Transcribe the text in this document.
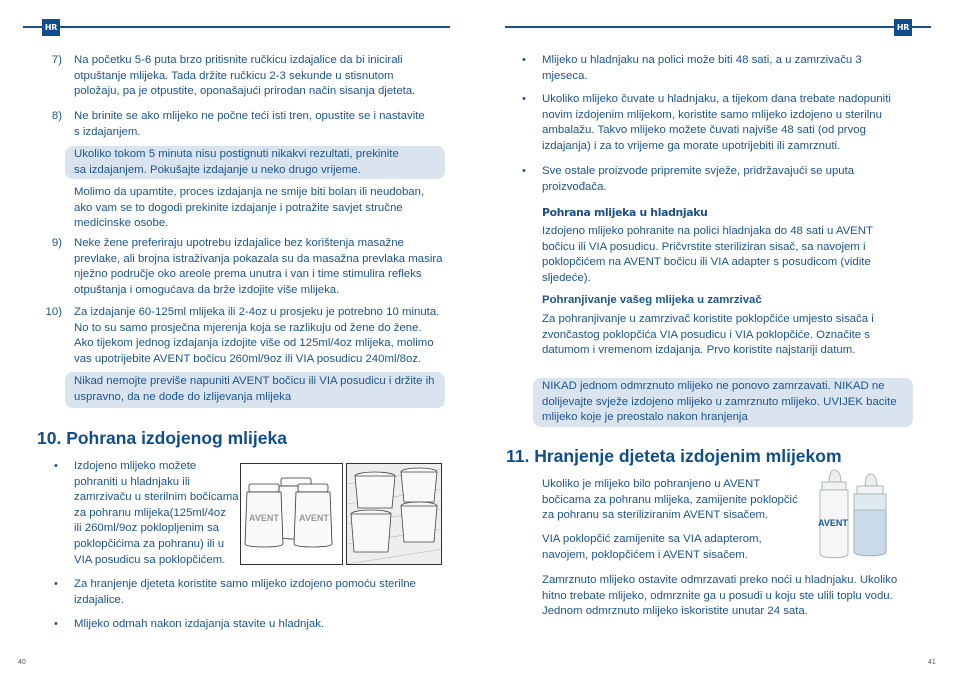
HR
7) Na početku 5-6 puta brzo pritisnite ručkicu izdajalice da bi inicirali
otpuštanje mlijeka. Tada držite ručkicu 2-3 sekunde u stisnutom
položaju, pa je otpustite, oponašajući prirodan način sisanja djeteta.
8) Ne brinite se ako mlijeko ne počne teći isti tren, opustite se i nastavite
s izdajanjem.
Ukoliko tokom 5 minuta nisu postignuti nikakvi rezultati, prekinite
sa izdajanjem. Pokušajte izdajanje u neko drugo vrijeme.
Molimo da upamtite, proces izdajanja ne smije biti bolan ili neudoban,
ako vam se to dogodi prekinite izdajanje i potražite savjet stručne
medicinske osobe.
9) Neke žene preferiraju upotrebu izdajalice bez korištenja masažne
prevlake, ali brojna istraživanja pokazala su da masažna prevlaka masira
nježno područje oko areole prema unutra i van i time stimulira refleks
otpuštanja i omogućava da brže izdojite više mlijeka.
10) Za izdajanje 60-125ml mlijeka ili 2-4oz u prosjeku je potrebno 10 minuta.
No to su samo prosječna mjerenja koja se razlikuju od žene do žene.
Ako tijekom jednog izdajanja izdojite više od 125ml/4oz mlijeka, molimo
vas upotrijebite AVENT bočicu 260ml/9oz ili VIA posudicu 240ml/8oz.
Nikad nemojte previše napuniti AVENT bočicu ili VIA posudicu i držite ih
uspravno, da ne dođe do izlijevanja mlijeka
10. Pohrana izdojenog mlijeka
• Izdojeno mlijeko možete
pohraniti u hladnjaku ili
zamrzivaču u sterilnim bočicama
za pohranu mlijeka(125ml/4oz
ili 260ml/9oz poklopljenim sa
poklopčićima za pohranu) ili u
VIA posudicu sa poklopčićem.
AVENT AVENT
• Za hranjenje djeteta koristite samo mlijeko izdojeno pomoću sterilne
izdajalice.
• Mlijeko odmah nakon izdajanja stavite u hladnjak.
40
HR
• Mlijeko u hladnjaku na polici može biti 48 sati, a u zamrzivaču 3
mjeseca.
• Ukoliko mlijeko čuvate u hladnjaku, a tijekom dana trebate nadopuniti
novim izdojenim mlijekom, koristite samo mlijeko izdojeno u sterilnu
ambalažu. Takvo mlijeko možete čuvati najviše 48 sati (od prvog
izdajanja) i za to vrijeme ga morate upotrijebiti ili zamrznuti.
• Sve ostale proizvode pripremite svježe, pridržavajući se uputa
proizvođača.
Pohrana mlijeka u hladnjaku
Izdojeno mlijeko pohranite na polici hladnjaka do 48 sati u AVENT
bočicu ili VIA posudicu. Pričvrstite steriliziran sisač, sa navojem i
poklopčićem na AVENT bočicu ili VIA adapter s posudicom (vidite
sljedeće).
Pohranjivanje vašeg mlijeka u zamrzivač
Za pohranjivanje u zamrzivač koristite poklopčiće umjesto sisača i
zvončastog poklopčića VIA posudicu i VIA poklopčiće. Označite s
datumom i vremenom izdajanja. Prvo koristite najstariji datum.
NIKAD jednom odmrznuto mlijeko ne ponovo zamrzavati. NIKAD ne
dolijevajte svježe izdojeno mlijeko u zamrznuto mlijeko. UVIJEK bacite
mlijeko koje je preostalo nakon hranjenja
11. Hranjenje djeteta izdojenim mlijekom
Ukoliko je mlijeko bilo pohranjeno u AVENT
bočicama za pohranu mlijeka, zamijenite poklopčić
za pohranu sa steriliziranim AVENT sisačem.
VIA poklopčić zamijenite sa VIA adapterom,
navojem, poklopčićem i AVENT sisačem.
AVENT
Zamrznuto mlijeko ostavite odmrzavati preko noći u hladnjaku. Ukoliko
hitno trebate mlijeko, odmrznite ga u posudi u koju ste ulili toplu vodu.
Jednom odmrznuto mlijeko iskoristite unutar 24 sata.
41
